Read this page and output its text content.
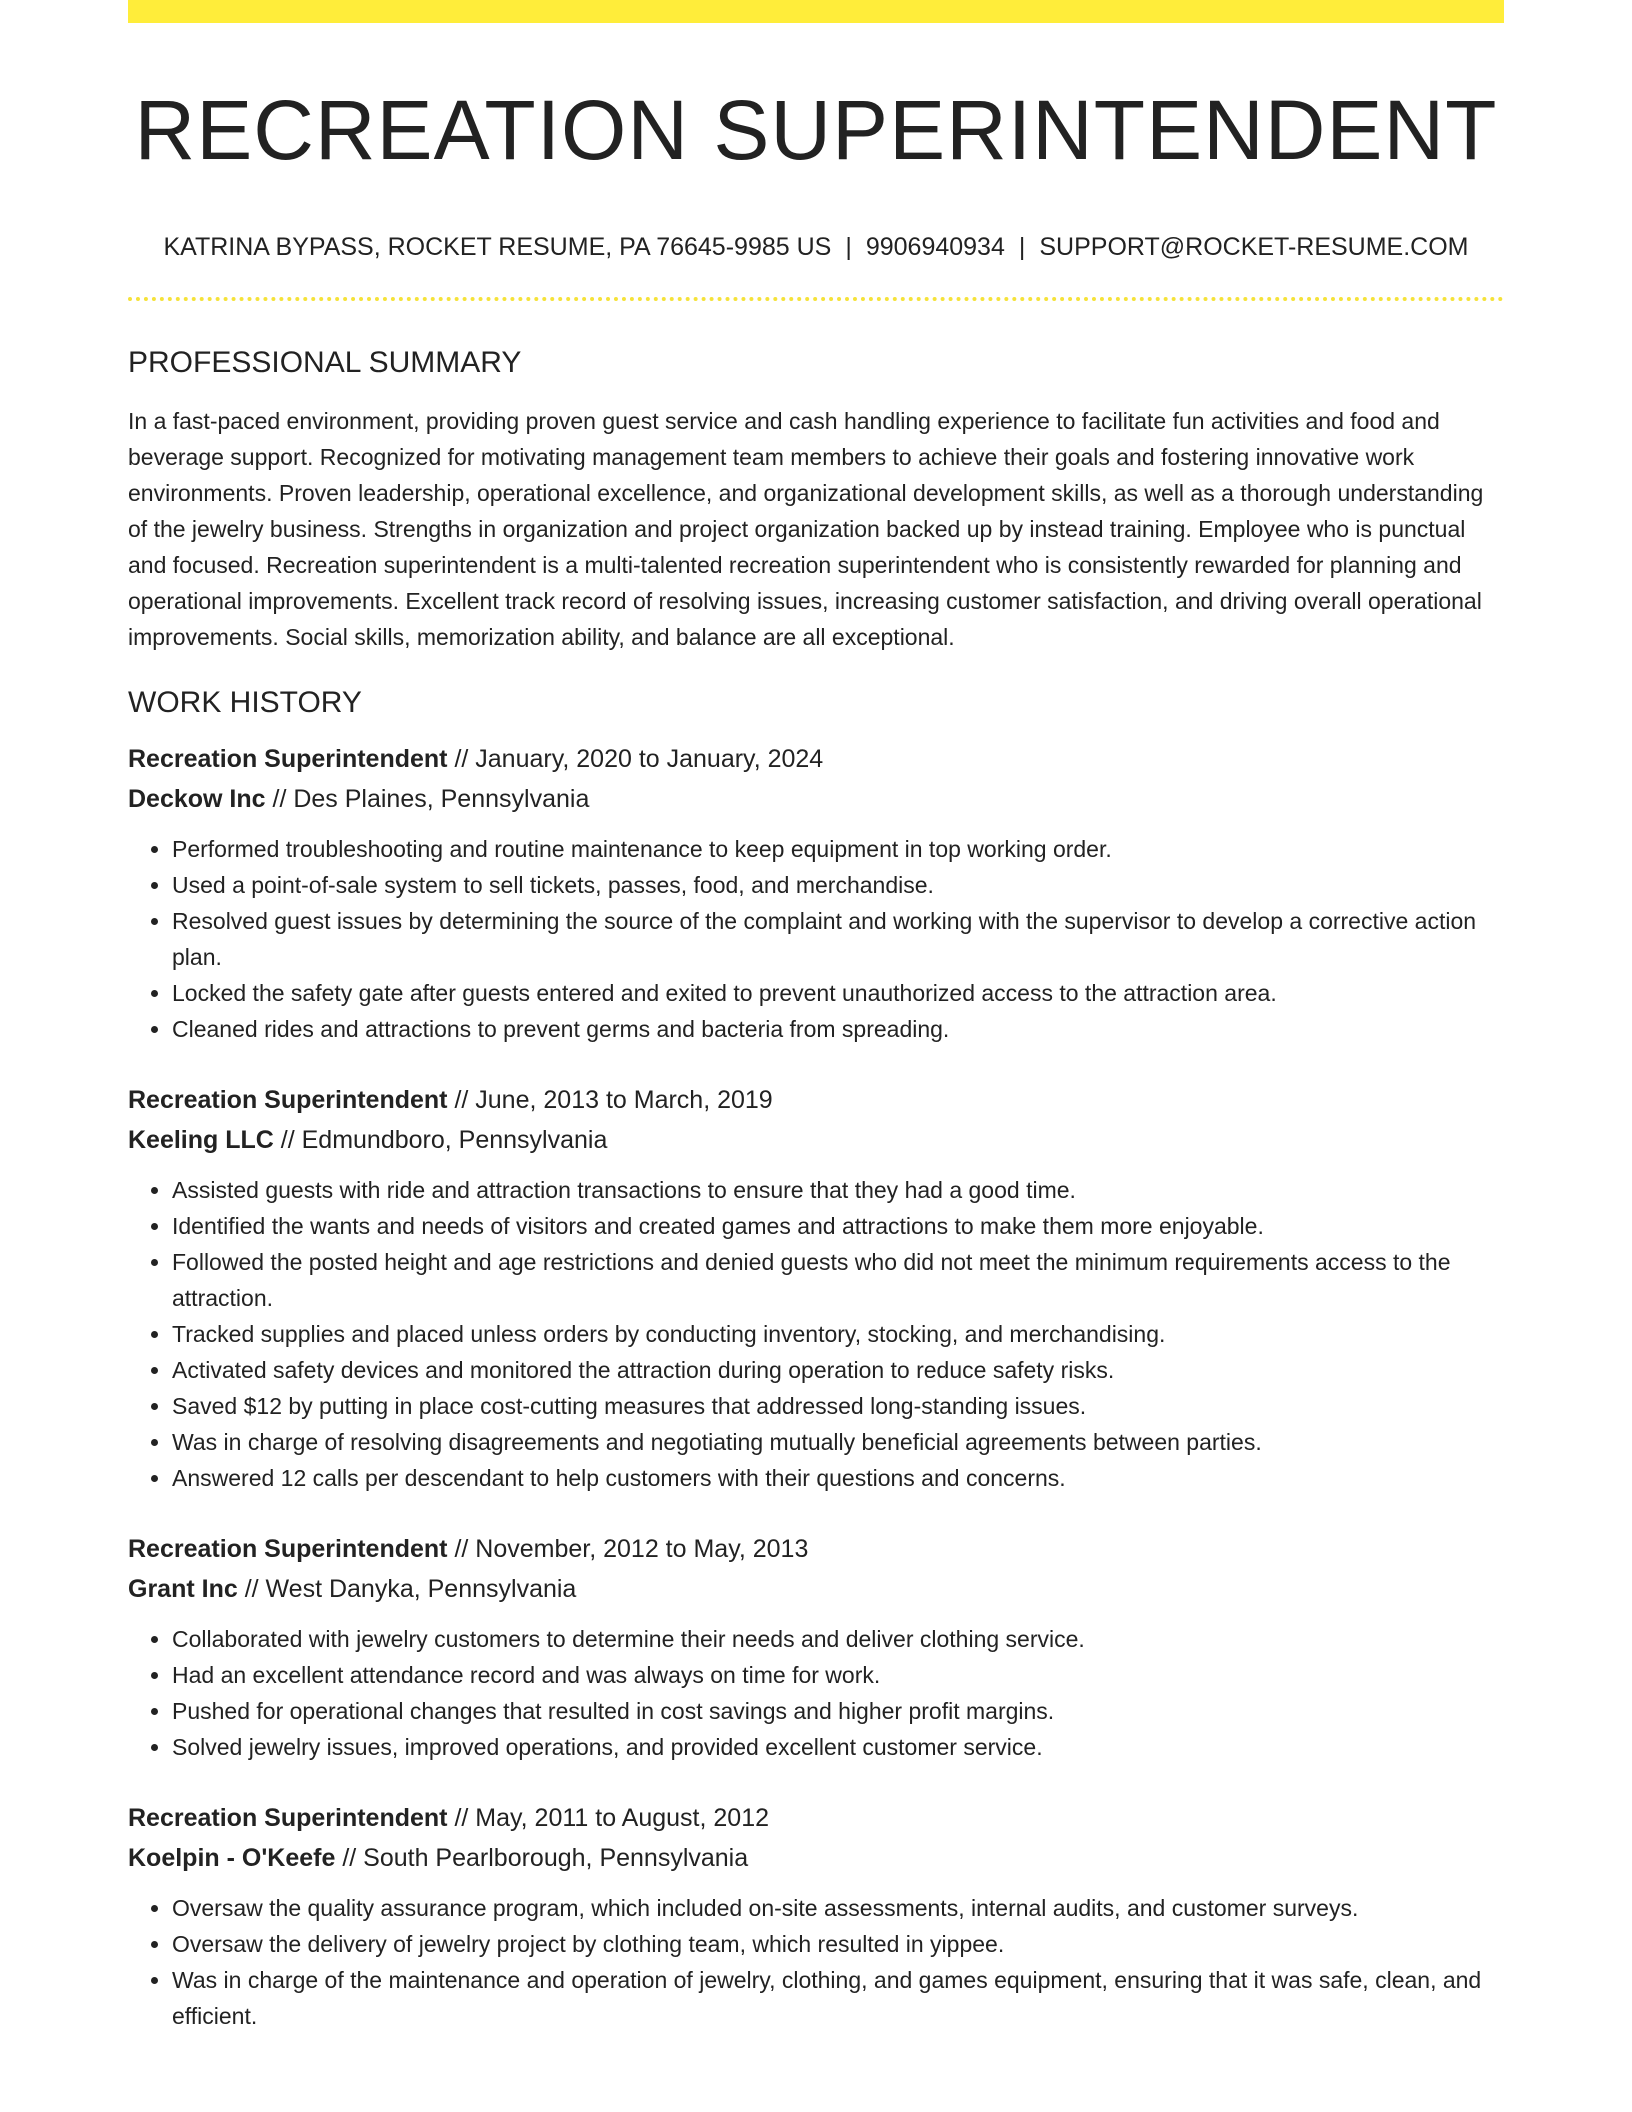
RECREATION SUPERINTENDENT
KATRINA BYPASS, ROCKET RESUME, PA 76645-9985 US | 9906940934 | SUPPORT@ROCKET-RESUME.COM
PROFESSIONAL SUMMARY

In a fast-paced environment, providing proven guest service and cash handling experience to facilitate fun activities and food and beverage support. Recognized for motivating management team members to achieve their goals and fostering innovative work environments. Proven leadership, operational excellence, and organizational development skills, as well as a thorough understanding of the jewelry business. Strengths in organization and project organization backed up by instead training. Employee who is punctual and focused. Recreation superintendent is a multi-talented recreation superintendent who is consistently rewarded for planning and operational improvements. Excellent track record of resolving issues, increasing customer satisfaction, and driving overall operational improvements. Social skills, memorization ability, and balance are all exceptional.

WORK HISTORY
Recreation Superintendent // January, 2020 to January, 2024
Deckow Inc // Des Plaines, Pennsylvania
• Performed troubleshooting and routine maintenance to keep equipment in top working order.
• Used a point-of-sale system to sell tickets, passes, food, and merchandise.
• Resolved guest issues by determining the source of the complaint and working with the supervisor to develop a corrective action plan.
• Locked the safety gate after guests entered and exited to prevent unauthorized access to the attraction area.
• Cleaned rides and attractions to prevent germs and bacteria from spreading.
Recreation Superintendent // June, 2013 to March, 2019
Keeling LLC // Edmundboro, Pennsylvania
• Assisted guests with ride and attraction transactions to ensure that they had a good time.
• Identified the wants and needs of visitors and created games and attractions to make them more enjoyable.
• Followed the posted height and age restrictions and denied guests who did not meet the minimum requirements access to the attraction.
• Tracked supplies and placed unless orders by conducting inventory, stocking, and merchandising.
• Activated safety devices and monitored the attraction during operation to reduce safety risks.
• Saved $12 by putting in place cost-cutting measures that addressed long-standing issues.
• Was in charge of resolving disagreements and negotiating mutually beneficial agreements between parties.
• Answered 12 calls per descendant to help customers with their questions and concerns.
Recreation Superintendent // November, 2012 to May, 2013
Grant Inc // West Danyka, Pennsylvania
• Collaborated with jewelry customers to determine their needs and deliver clothing service.
• Had an excellent attendance record and was always on time for work.
• Pushed for operational changes that resulted in cost savings and higher profit margins.
• Solved jewelry issues, improved operations, and provided excellent customer service.
Recreation Superintendent // May, 2011 to August, 2012
Koelpin - O'Keefe // South Pearlborough, Pennsylvania
• Oversaw the quality assurance program, which included on-site assessments, internal audits, and customer surveys.
• Oversaw the delivery of jewelry project by clothing team, which resulted in yippee.
• Was in charge of the maintenance and operation of jewelry, clothing, and games equipment, ensuring that it was safe, clean, and efficient.
